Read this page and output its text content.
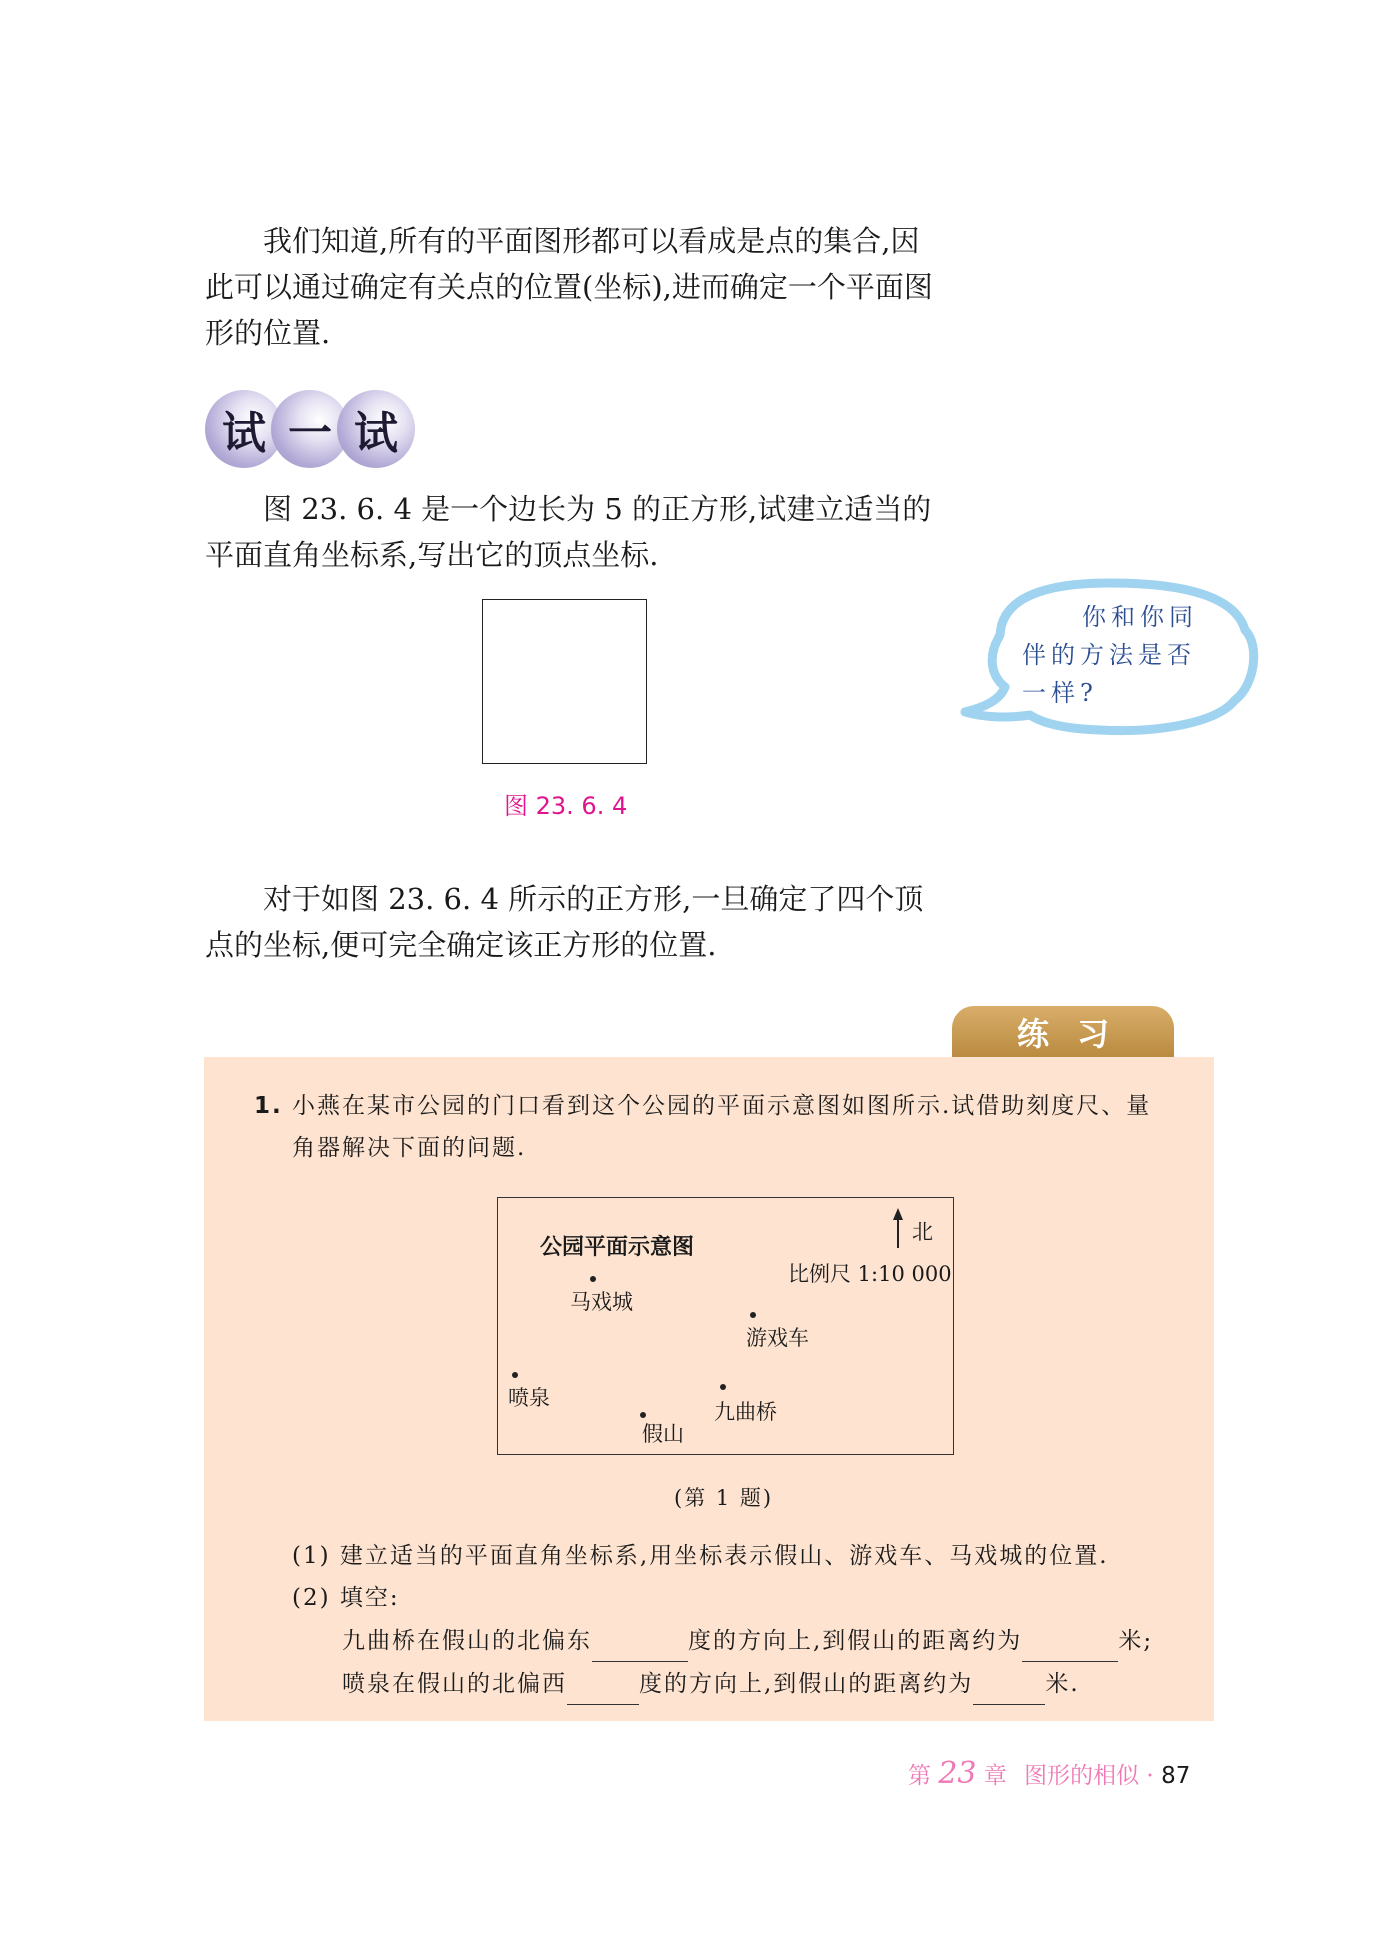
我们知道,所有的平面图形都可以看成是点的集合,因此可以通过确定有关点的位置(坐标),进而确定一个平面图形的位置.
试 一 试
图 23. 6. 4 是一个边长为 5 的正方形,试建立适当的平面直角坐标系,写出它的顶点坐标.
图 23. 6. 4
你和你同
伴的方法是否
一样?
对于如图 23. 6. 4 所示的正方形,一旦确定了四个顶点的坐标,便可完全确定该正方形的位置.
练习
1. 小燕在某市公园的门口看到这个公园的平面示意图如图所示.试借助刻度尺、量
角器解决下面的问题.
公园平面示意图
北
比例尺 1:10 000
马戏城
游戏车
喷泉
九曲桥
假山
(第 1 题)
(1) 建立适当的平面直角坐标系,用坐标表示假山、游戏车、马戏城的位置.
(2) 填空:
九曲桥在假山的北偏东	度的方向上,到假山的距离约为	米;
喷泉在假山的北偏西	度的方向上,到假山的距离约为	米.
第 23 章 图形的相似 · 87
